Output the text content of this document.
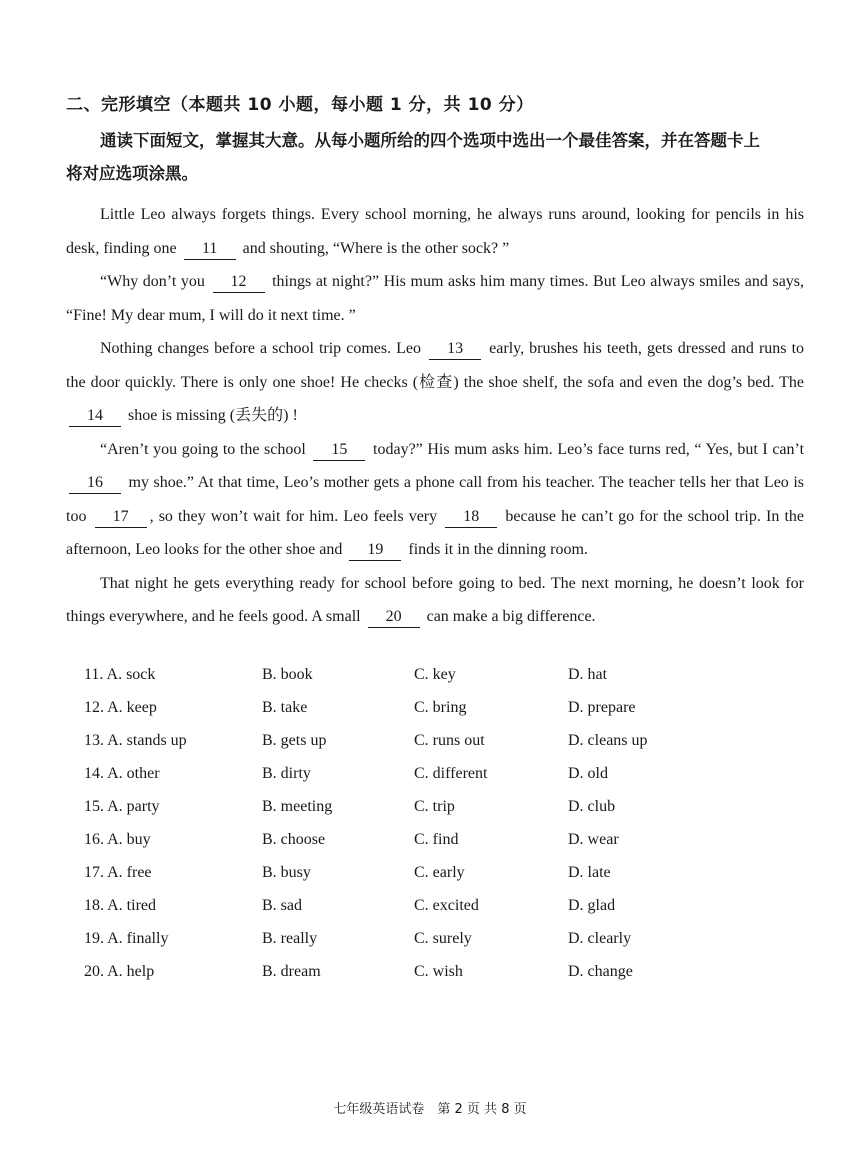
二、完形填空（本题共 10 小题，每小题 1 分，共 10 分）
通读下面短文，掌握其大意。从每小题所给的四个选项中选出一个最佳答案，并在答题卡上
将对应选项涂黑。

Little Leo always forgets things. Every school morning, he always runs around, looking for pencils in his desk, finding one 11 and shouting, “Where is the other sock? ”

“Why don’t you 12 things at night?” His mum asks him many times. But Leo always smiles and says, “Fine! My dear mum, I will do it next time. ”

Nothing changes before a school trip comes. Leo 13 early, brushes his teeth, gets dressed and runs to the door quickly. There is only one shoe! He checks (检查) the shoe shelf, the sofa and even the dog’s bed. The 14 shoe is missing (丢失的) !

“Aren’t you going to the school 15 today?” His mum asks him. Leo’s face turns red, “ Yes, but I can’t 16 my shoe.” At that time, Leo’s mother gets a phone call from his teacher. The teacher tells her that Leo is too 17 , so they won’t wait for him. Leo feels very 18 because he can’t go for the school trip. In the afternoon, Leo looks for the other shoe and 19 finds it in the dinning room.

That night he gets everything ready for school before going to bed. The next morning, he doesn’t look for things everywhere, and he feels good. A small 20 can make a big difference.

11. A. sock	B. book	C. key	D. hat
12. A. keep	B. take	C. bring	D. prepare
13. A. stands up	B. gets up	C. runs out	D. cleans up
14. A. other	B. dirty	C. different	D. old
15. A. party	B. meeting	C. trip	D. club
16. A. buy	B. choose	C. find	D. wear
17. A. free	B. busy	C. early	D. late
18. A. tired	B. sad	C. excited	D. glad
19. A. finally	B. really	C. surely	D. clearly
20. A. help	B. dream	C. wish	D. change
七年级英语试卷　第 2 页 共 8 页
